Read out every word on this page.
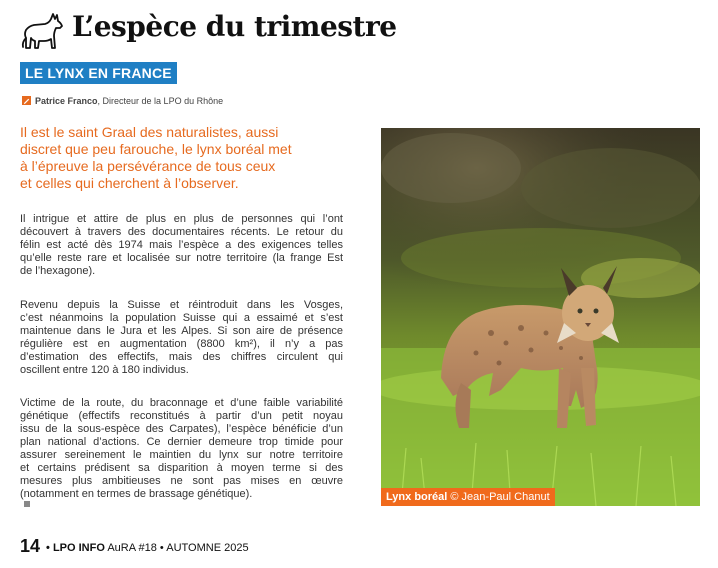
L’espèce du trimestre
LE LYNX EN FRANCE
Patrice Franco, Directeur de la LPO du Rhône
Il est le saint Graal des naturalistes, aussi
discret que peu farouche, le lynx boréal met
à l’épreuve la persévérance de tous ceux
et celles qui cherchent à l’observer.
Il intrigue et attire de plus en plus de personnes qui l’ont
découvert à travers des documentaires récents. Le retour du
félin est acté dès 1974 mais l’espèce a des exigences telles
qu’elle reste rare et localisée sur notre territoire (la frange Est
de l’hexagone).
Revenu depuis la Suisse et réintroduit dans les Vosges,
c’est néanmoins la population Suisse qui a essaimé et s’est
maintenue dans le Jura et les Alpes. Si son aire de présence
régulière est en augmentation (8800 km²), il n’y a pas
d’estimation des effectifs, mais des chiffres circulent qui
oscillent entre 120 à 180 individus.
Victime de la route, du braconnage et d’une faible variabilité
génétique (effectifs reconstitués à partir d’un petit noyau
issu de la sous-espèce des Carpates), l’espèce bénéficie d’un
plan national d’actions. Ce dernier demeure trop timide pour
assurer sereinement le maintien du lynx sur notre territoire
et certains prédisent sa disparition à moyen terme si des
mesures plus ambitieuses ne sont pas mises en œuvre
(notamment en termes de brassage génétique).	Lynx boréal © Jean-Paul Chanut
14 • LPO INFO AuRA #18 • AUTOMNE 2025
